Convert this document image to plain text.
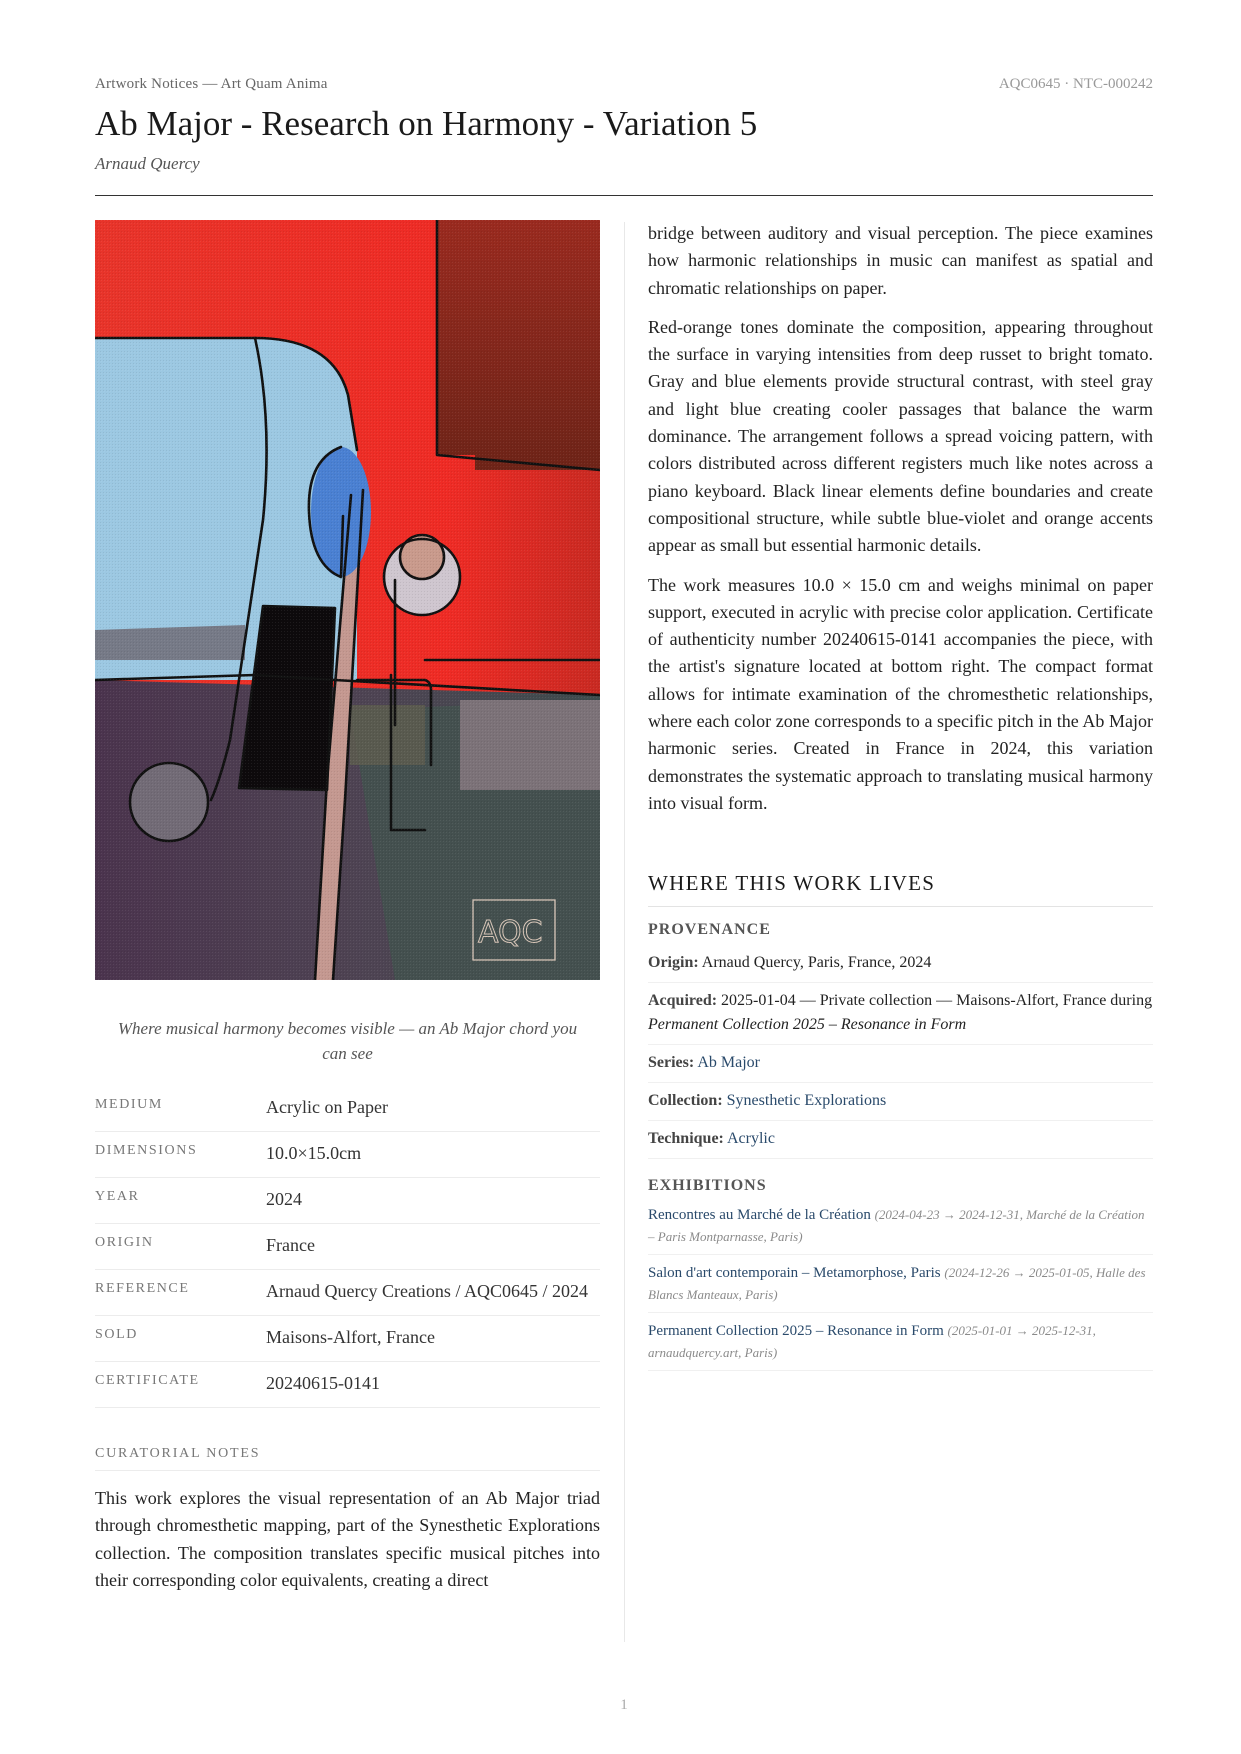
Artwork Notices — Art Quam Anima	AQC0645 · NTC-000242
Ab Major - Research on Harmony - Variation 5
Arnaud Quercy
Where musical harmony becomes visible — an Ab Major chord you can see
MEDIUM	Acrylic on Paper
DIMENSIONS	10.0×15.0cm
YEAR	2024
ORIGIN	France
REFERENCE	Arnaud Quercy Creations / AQC0645 / 2024
SOLD	Maisons-Alfort, France
CERTIFICATE	20240615-0141
CURATORIAL NOTES

This work explores the visual representation of an Ab Major triad through chromesthetic mapping, part of the Synesthetic Explorations collection. The composition translates specific musical pitches into their corresponding color equivalents, creating a direct

bridge between auditory and visual perception. The piece examines how harmonic relationships in music can manifest as spatial and chromatic relationships on paper.

Red-orange tones dominate the composition, appearing throughout the surface in varying intensities from deep russet to bright tomato. Gray and blue elements provide structural contrast, with steel gray and light blue creating cooler passages that balance the warm dominance. The arrangement follows a spread voicing pattern, with colors distributed across different registers much like notes across a piano keyboard. Black linear elements define boundaries and create compositional structure, while subtle blue-violet and orange accents appear as small but essential harmonic details.

The work measures 10.0 × 15.0 cm and weighs minimal on paper support, executed in acrylic with precise color application. Certificate of authenticity number 20240615-0141 accompanies the piece, with the artist's signature located at bottom right. The compact format allows for intimate examination of the chromesthetic relationships, where each color zone corresponds to a specific pitch in the Ab Major harmonic series. Created in France in 2024, this variation demonstrates the systematic approach to translating musical harmony into visual form.

WHERE THIS WORK LIVES
PROVENANCE
Origin: Arnaud Quercy, Paris, France, 2024
Acquired: 2025-01-04 — Private collection — Maisons-Alfort, France during Permanent Collection 2025 – Resonance in Form
Series: Ab Major
Collection: Synesthetic Explorations
Technique: Acrylic
EXHIBITIONS
Rencontres au Marché de la Création (2024-04-23 → 2024-12-31, Marché de la Création – Paris Montparnasse, Paris)
Salon d'art contemporain – Metamorphose, Paris (2024-12-26 → 2025-01-05, Halle des Blancs Manteaux, Paris)
Permanent Collection 2025 – Resonance in Form (2025-01-01 → 2025-12-31, arnaudquercy.art, Paris)
1
